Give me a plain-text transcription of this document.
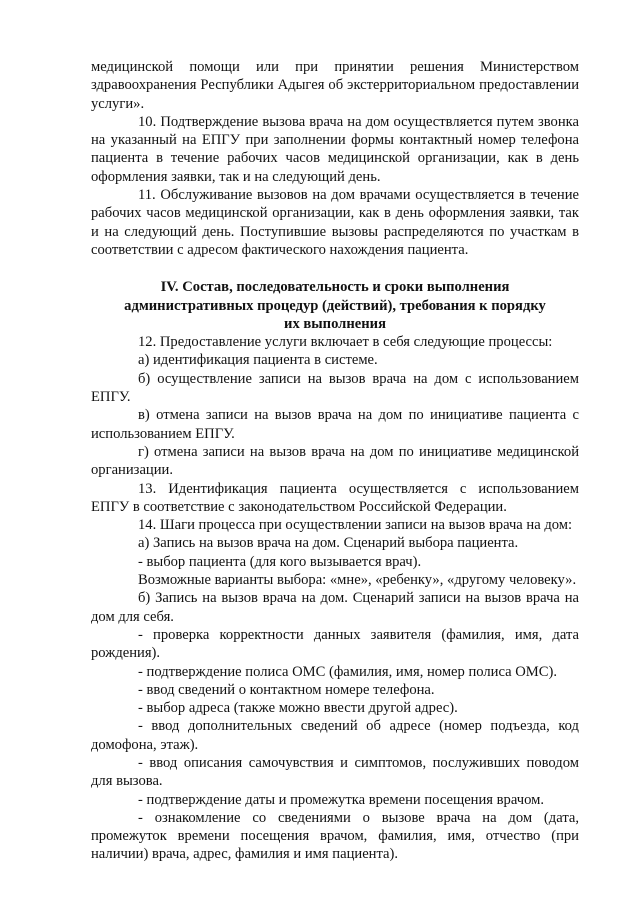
медицинской помощи или при принятии решения Министерством здравоохранения Республики Адыгея об экстерриториальном предоставлении услуги».

10. Подтверждение вызова врача на дом осуществляется путем звонка на указанный на ЕПГУ при заполнении формы контактный номер телефона пациента в течение рабочих часов медицинской организации, как в день оформления заявки, так и на следующий день.

11. Обслуживание вызовов на дом врачами осуществляется в течение рабочих часов медицинской организации, как в день оформления заявки, так и на следующий день. Поступившие вызовы распределяются по участкам в соответствии с адресом фактического нахождения пациента.

IV. Состав, последовательность и сроки выполнения административных процедур (действий), требования к порядку их выполнения

12. Предоставление услуги включает в себя следующие процессы:

а) идентификация пациента в системе.

б) осуществление записи на вызов врача на дом с использованием ЕПГУ.

в) отмена записи на вызов врача на дом по инициативе пациента с использованием ЕПГУ.

г) отмена записи на вызов врача на дом по инициативе медицинской организации.

13. Идентификация пациента осуществляется с использованием ЕПГУ в соответствие с законодательством Российской Федерации.

14. Шаги процесса при осуществлении записи на вызов врача на дом:

а) Запись на вызов врача на дом. Сценарий выбора пациента.

- выбор пациента (для кого вызывается врач).

Возможные варианты выбора: «мне», «ребенку», «другому человеку».

б) Запись на вызов врача на дом. Сценарий записи на вызов врача на дом для себя.

- проверка корректности данных заявителя (фамилия, имя, дата рождения).

- подтверждение полиса ОМС (фамилия, имя, номер полиса ОМС).

- ввод сведений о контактном номере телефона.

- выбор адреса (также можно ввести другой адрес).

- ввод дополнительных сведений об адресе (номер подъезда, код домофона, этаж).

- ввод описания самочувствия и симптомов, послуживших поводом для вызова.

- подтверждение даты и промежутка времени посещения врачом.

- ознакомление со сведениями о вызове врача на дом (дата, промежуток времени посещения врачом, фамилия, имя, отчество (при наличии) врача, адрес, фамилия и имя пациента).
